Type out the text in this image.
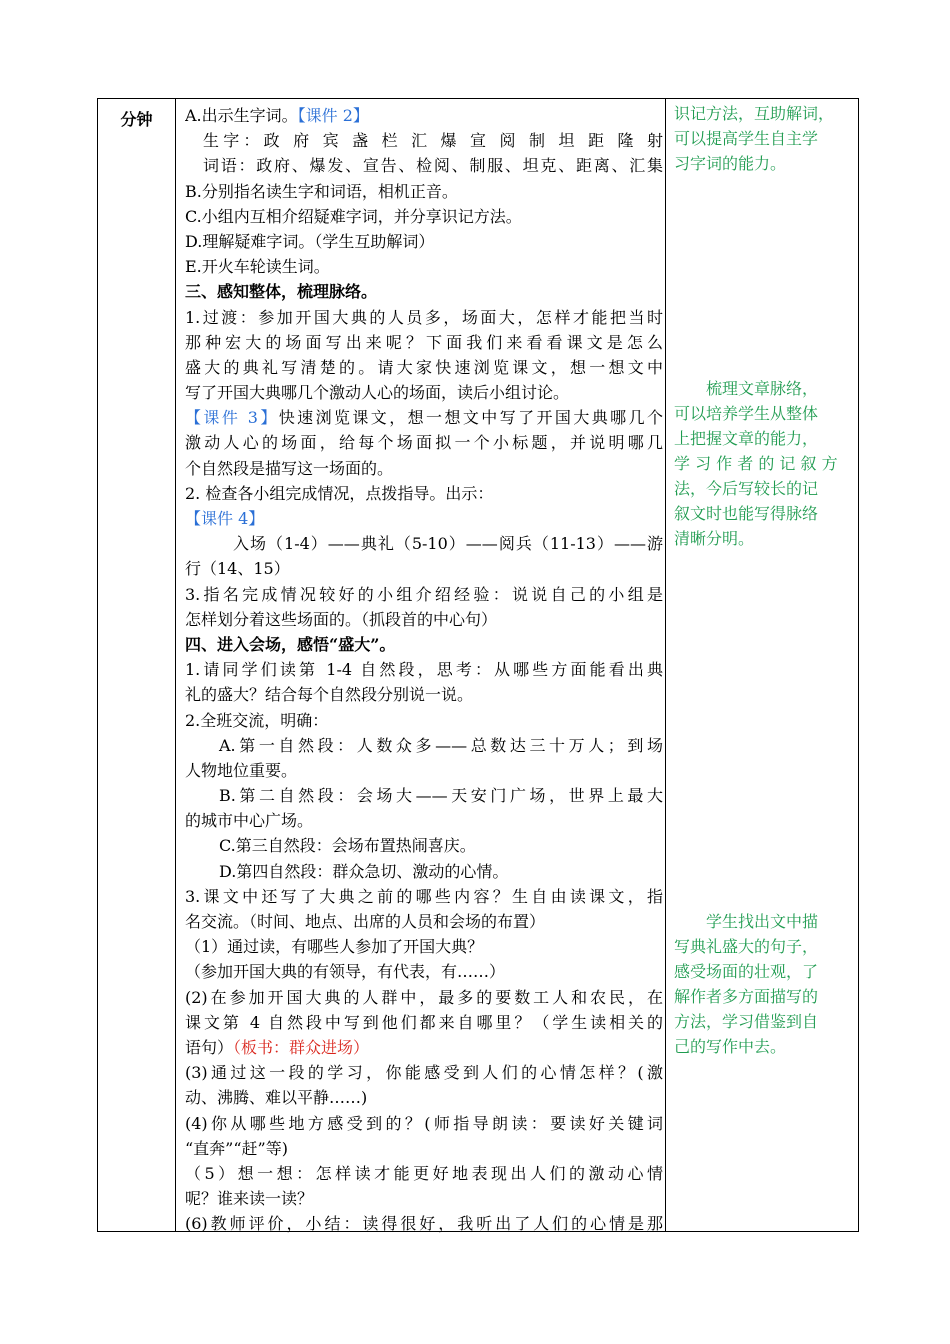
分钟	A.出示生字词。【课件 2】
生字：政 府 宾 盏 栏 汇 爆 宣 阅 制 坦 距 隆 射
词语：政府、爆发、宣告、检阅、制服、坦克、距离、汇集
B.分别指名读生字和词语，相机正音。
C.小组内互相介绍疑难字词，并分享识记方法。
D.理解疑难字词。（学生互助解词）
E.开火车轮读生词。
三、感知整体，梳理脉络。
1.过渡：参加开国大典的人员多，场面大，怎样才能把当时
那种宏大的场面写出来呢？下面我们来看看课文是怎么
盛大的典礼写清楚的。请大家快速浏览课文，想一想文中
写了开国大典哪几个激动人心的场面，读后小组讨论。
【课件 3】快速浏览课文，想一想文中写了开国大典哪几个
激动人心的场面，给每个场面拟一个小标题，并说明哪几
个自然段是描写这一场面的。
2. 检查各小组完成情况，点拨指导。出示：
【课件 4】
入场（1-4）——典礼（5-10）——阅兵（11-13）——游
行（14、15）
3.指名完成情况较好的小组介绍经验：说说自己的小组是
怎样划分着这些场面的。（抓段首的中心句）
四、进入会场，感悟“盛大”。
1.请同学们读第 1-4 自然段，思考：从哪些方面能看出典
礼的盛大？结合每个自然段分别说一说。
2.全班交流，明确：
A.第一自然段：人数众多——总数达三十万人；到场
人物地位重要。
B.第二自然段：会场大——天安门广场，世界上最大
的城市中心广场。
C.第三自然段：会场布置热闹喜庆。
D.第四自然段：群众急切、激动的心情。
3.课文中还写了大典之前的哪些内容？生自由读课文，指
名交流。（时间、地点、出席的人员和会场的布置）
（1）通过读，有哪些人参加了开国大典？
（参加开国大典的有领导，有代表，有……）
(2)在参加开国大典的人群中，最多的要数工人和农民，在
课文第 4 自然段中写到他们都来自哪里？（学生读相关的
语句）（板书：群众进场）
(3)通过这一段的学习，你能感受到人们的心情怎样？(激
动、沸腾、难以平静……)
(4)你从哪些地方感受到的？(师指导朗读：要读好关键词
“直奔”“赶”等)
（5）想一想：怎样读才能更好地表现出人们的激动心情
呢？谁来读一读？
(6)教师评价，小结：读得很好，我听出了人们的心情是那
识记方法，互助解词，
可以提高学生自主学
习字词的能力。
　　梳理文章脉络，
可以培养学生从整体
上把握文章的能力，
学 习 作 者 的 记 叙 方
法，今后写较长的记
叙文时也能写得脉络
清晰分明。
　　学生找出文中描
写典礼盛大的句子，
感受场面的壮观，了
解作者多方面描写的
方法，学习借鉴到自
己的写作中去。
